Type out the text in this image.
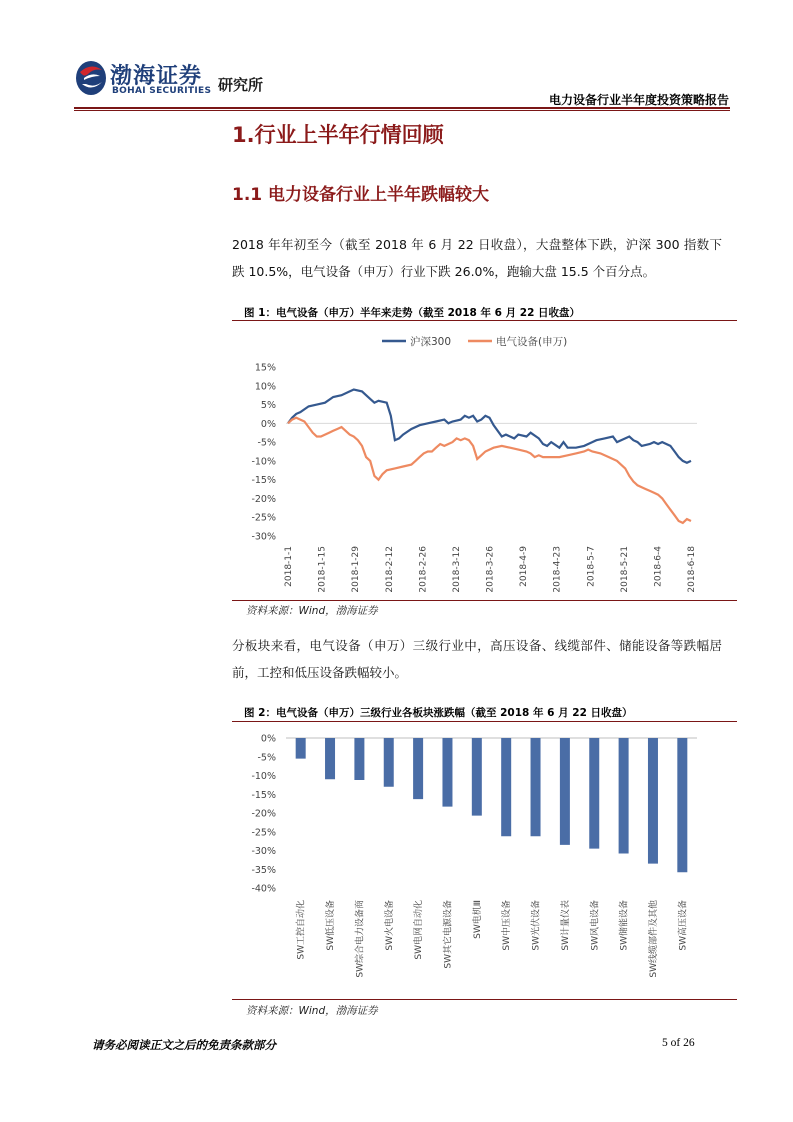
渤海证券
BOHAI SECURITIES 研究所
电力设备行业半年度投资策略报告
1.行业上半年行情回顾
1.1 电力设备行业上半年跌幅较大
2018 年年初至今（截至 2018 年 6 月 22 日收盘），大盘整体下跌，沪深 300 指数下跌 10.5%，电气设备（申万）行业下跌 26.0%，跑输大盘 15.5 个百分点。
图 1：电气设备（申万）半年来走势（截至 2018 年 6 月 22 日收盘）
沪深300	电气设备(申万)
15%
10%
5%
0%
-5%
-10%
-15%
-20%
-25%
-30%
2018-1-1	2018-1-15	2018-1-29	2018-2-12	2018-2-26	2018-3-12	2018-3-26	2018-4-9	2018-4-23	2018-5-7	2018-5-21	2018-6-4	2018-6-18
资料来源：Wind，渤海证券
分板块来看，电气设备（申万）三级行业中，高压设备、线缆部件、储能设备等跌幅居前，工控和低压设备跌幅较小。
图 2：电气设备（申万）三级行业各板块涨跌幅（截至 2018 年 6 月 22 日收盘）
0%
-5%
-10%
-15%
-20%
-25%
-30%
-35%
-40%
SW工控自动化 SW低压设备 SW综合电力设备商 SW火电设备 SW电网自动化 SW其它电源设备 SW电机Ⅲ SW中压设备 SW光伏设备 SW计量仪表 SW风电设备 SW储能设备 SW线缆部件及其他 SW高压设备
资料来源：Wind，渤海证券
请务必阅读正文之后的免责条款部分	5 of 26
